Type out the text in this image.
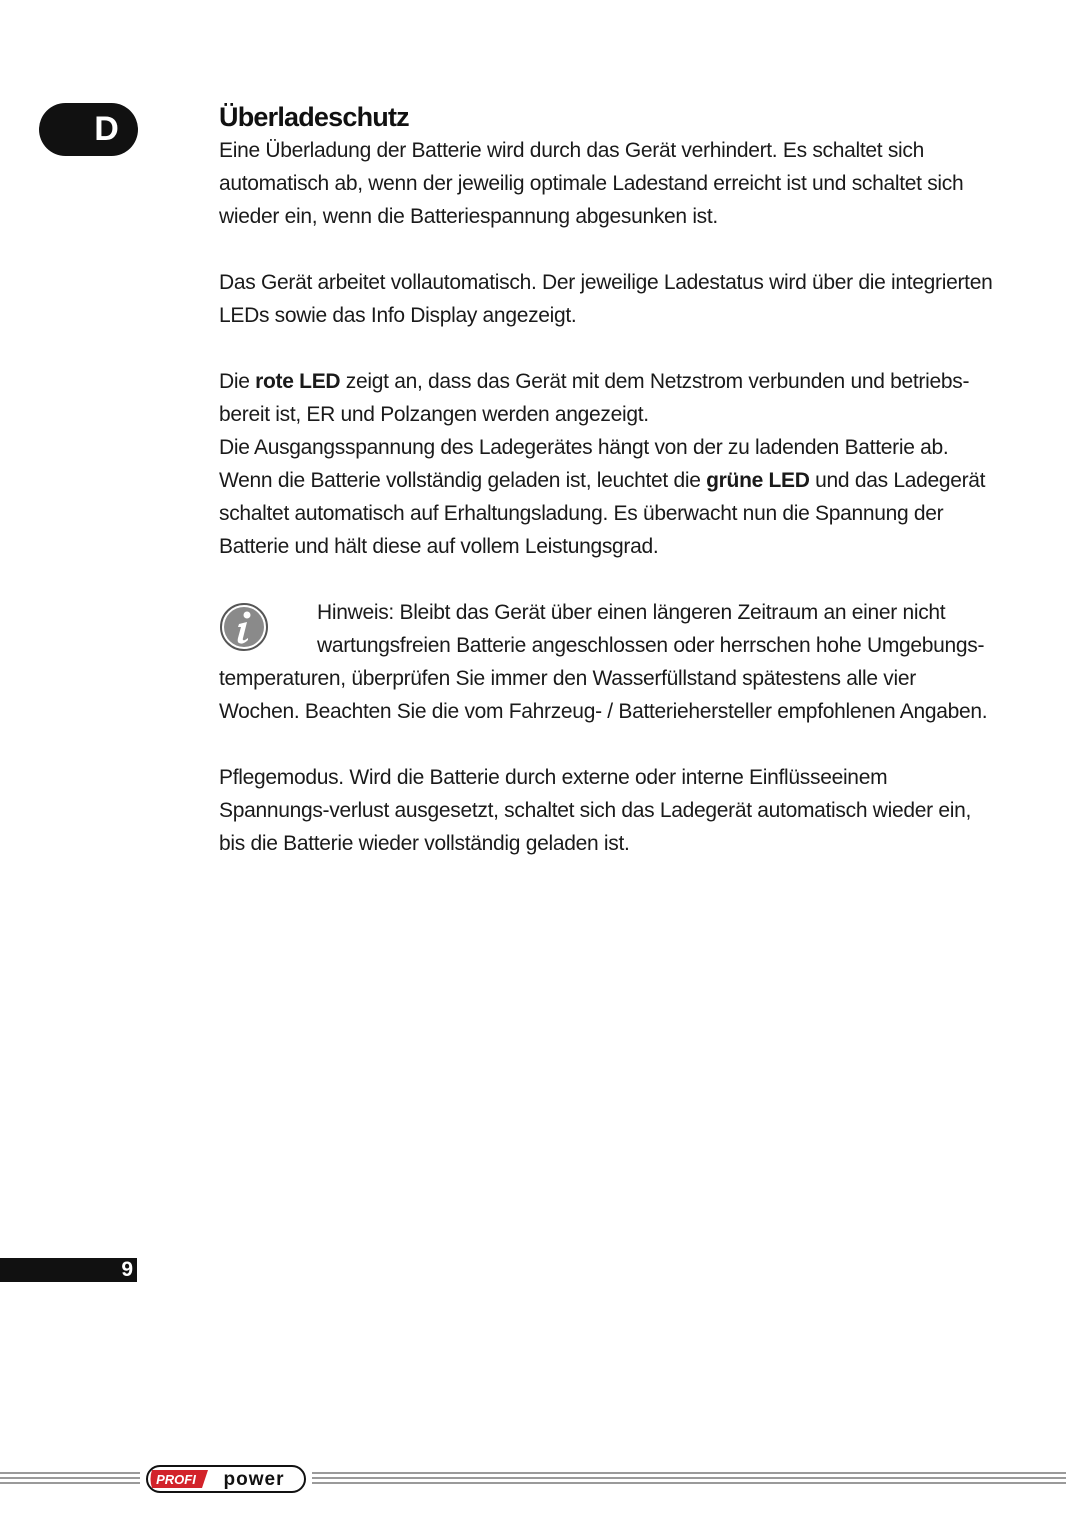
D	Überladeschutz

Eine Überladung der Batterie wird durch das Gerät verhindert. Es schaltet sich automatisch ab, wenn der jeweilig optimale Ladestand erreicht ist und schaltet sich wieder ein, wenn die Batteriespannung abgesunken ist.

Das Gerät arbeitet vollautomatisch. Der jeweilige Ladestatus wird über die integrierten LEDs sowie das Info Display angezeigt.

Die rote LED zeigt an, dass das Gerät mit dem Netzstrom verbunden und betriebs-bereit ist, ER und Polzangen werden angezeigt.

Die Ausgangsspannung des Ladegerätes hängt von der zu ladenden Batterie ab.

Wenn die Batterie vollständig geladen ist, leuchtet die grüne LED und das Ladegerät schaltet automatisch auf Erhaltungsladung. Es überwacht nun die Spannung der Batterie und hält diese auf vollem Leistungsgrad.

Hinweis: Bleibt das Gerät über einen längeren Zeitraum an einer nicht wartungsfreien Batterie angeschlossen oder herrschen hohe Umgebungs-

temperaturen, überprüfen Sie immer den Wasserfüllstand spätestens alle vier Wochen. Beachten Sie die vom Fahrzeug- / Batteriehersteller empfohlenen Angaben.

Pflegemodus. Wird die Batterie durch externe oder interne Einflüsseeinem Spannungs-verlust ausgesetzt, schaltet sich das Ladegerät automatisch wieder ein, bis die Batterie wieder vollständig geladen ist.

9
PROFI power
